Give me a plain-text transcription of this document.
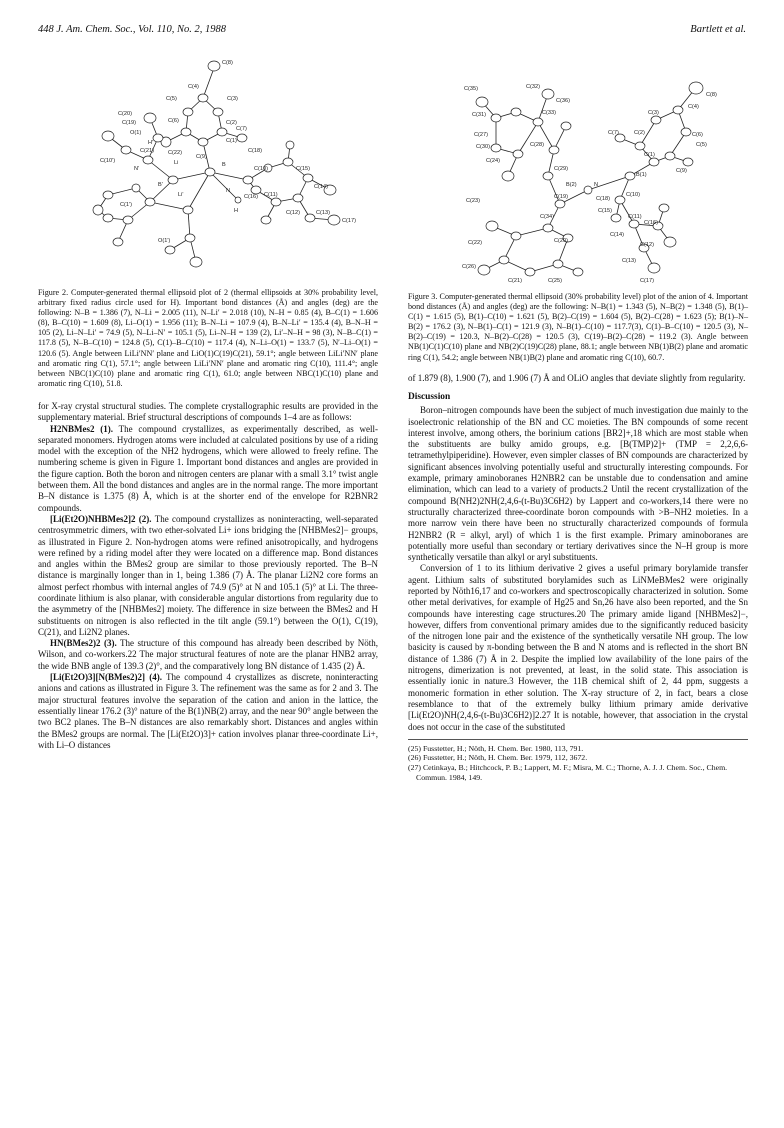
448 J. Am. Chem. Soc., Vol. 110, No. 2, 1988	Bartlett et al.
C(8)
C(4)
C(3)
C(5)
C(20)
C(19)
O(1)
C(6)	C(2)
C(7)
C(21)
H'
C(22)
C(1)
C(18)
C(10')
N'
Li
C(9)
B
C(10)	C(15)
B'
Li'
C(14)
C(1')
N
C(16) C(11)
C(12)	C(13)
C(17)
H
O(1')
Figure 2. Computer-generated thermal ellipsoid plot of 2 (thermal ellipsoids at 30% probability level, arbitrary fixed radius circle used for H). Important bond distances (Å) and angles (deg) are the following: N–B = 1.386 (7), N–Li = 2.005 (11), N–Li′ = 2.018 (10), N–H = 0.85 (4), B–C(1) = 1.606 (8), B–C(10) = 1.609 (8), Li–O(1) = 1.956 (11); B–N–Li = 107.9 (4), B–N–Li′ = 135.4 (4), B–N–H = 105 (2), Li–N–Li′ = 74.9 (5), N–Li–N′ = 105.1 (5), Li–N–H = 139 (2), Li′–N–H = 98 (3), N–B–C(1) = 117.8 (5), N–B–C(10) = 124.8 (5), C(1)–B–C(10) = 117.4 (4), N–Li–O(1) = 133.7 (5), N′–Li–O(1) = 120.6 (5). Angle between LiLi′NN′ plane and LiO(1)C(19)C(21), 59.1°; angle between LiLi′NN′ plane and aromatic ring C(1), 57.1°; angle between LiLi′NN′ plane and aromatic ring C(10), 111.4°; angle between NBC(1)C(10) plane and aromatic ring C(1), 61.0; angle between NBC(1)C(10) plane and aromatic ring C(10), 51.8.

for X-ray crystal structural studies. The complete crystallographic results are provided in the supplementary material. Brief structural descriptions of compounds 1–4 are as follows:

H2NBMes2 (1). The compound crystallizes, as experimentally described, as well-separated monomers. Hydrogen atoms were included at calculated positions by use of a riding model with the exception of the NH2 hydrogens, which were allowed to freely refine. The numbering scheme is given in Figure 1. Important bond distances and angles are provided in the figure caption. Both the boron and nitrogen centers are planar with a small 3.1° twist angle between them. All the bond distances and angles are in the normal range. The more important B–N distance is 1.375 (8) Å, which is at the shorter end of the envelope for R2BNR2 compounds.

[Li(Et2O)NHBMes2]2 (2). The compound crystallizes as noninteracting, well-separated centrosymmetric dimers, with two ether-solvated Li+ ions bridging the [NHBMes2]− groups, as illustrated in Figure 2. Non-hydrogen atoms were refined anisotropically, and hydrogens were refined by a riding model after they were located on a difference map. Bond distances and angles within the BMes2 group are similar to those previously reported. The B–N distance is marginally longer than in 1, being 1.386 (7) Å. The planar Li2N2 core forms an almost perfect rhombus with internal angles of 74.9 (5)° at N and 105.1 (5)° at Li. The three-coordinate lithium is also planar, with considerable angular distortions from regularity due to the asymmetry of the [NHBMes2] moiety. The difference in size between the BMes2 and H substituents on nitrogen is also reflected in the tilt angle (59.1°) between the O(1), C(19), C(21), and Li2N2 planes.

HN(BMes2)2 (3). The structure of this compound has already been described by Nöth, Wilson, and co-workers.22 The major structural features of note are the planar HNB2 array, the wide BNB angle of 139.3 (2)°, and the comparatively long BN distance of 1.435 (2) Å.

[Li(Et2O)3][N(BMes2)2] (4). The compound 4 crystallizes as discrete, noninteracting anions and cations as illustrated in Figure 3. The refinement was the same as for 2 and 3. The major structural features involve the separation of the cation and anion in the lattice, the essentially linear 176.2 (3)° nature of the B(1)NB(2) array, and the near 90° angle between the two BC2 planes. The B–N distances are also remarkably short. Distances and angles within the BMes2 groups are normal. The [Li(Et2O)3]+ cation involves planar three-coordinate Li+, with Li–O distances

C(8)
C(4)
C(35)	C(32)
C(3)
C(36)
C(6)
C(5)
C(31)	C(33)
C(2)
C(27)	C(7)
C(1)
C(9)
C(28)
C(30)
B(1)
C(29)
C(24)
B(2)	N
C(18)
C(10)
C(19)
C(15)
C(23)
C(34)	C(11)
C(16)
C(20)
C(14)
C(22)	C(12)
C(26)
C(25)
C(13)
C(21)	C(17)
Figure 3. Computer-generated thermal ellipsoid (30% probability level) plot of the anion of 4. Important bond distances (Å) and angles (deg) are the following: N–B(1) = 1.343 (5), N–B(2) = 1.348 (5), B(1)–C(1) = 1.615 (5), B(1)–C(10) = 1.621 (5), B(2)–C(19) = 1.604 (5), B(2)–C(28) = 1.623 (5); B(1)–N–B(2) = 176.2 (3), N–B(1)–C(1) = 121.9 (3), N–B(1)–C(10) = 117.7(3), C(1)–B–C(10) = 120.5 (3), N–B(2)–C(19) = 120.3, N–B(2)–C(28) = 120.5 (3), C(19)–B(2)–C(28) = 119.2 (3). Angle between NB(1)C(1)C(10) plane and NB(2)C(19)C(28) plane, 88.1; angle between NB(1)B(2) plane and aromatic ring C(1), 54.2; angle between NB(1)B(2) plane and aromatic ring C(10), 60.7.

of 1.879 (8), 1.900 (7), and 1.906 (7) Å and OLiO angles that deviate slightly from regularity.

Discussion

Boron–nitrogen compounds have been the subject of much investigation due mainly to the isoelectronic relationship of the BN and CC moieties. The BN compounds of some recent interest involve, among others, the borinium cations [BR2]+,18 which are most stable when the substituents are bulky amido groups, e.g. [B(TMP)2]+ (TMP = 2,2,6,6-tetramethylpiperidine). However, even simpler classes of BN compounds are characterized by significant absences involving potentially useful and structurally interesting compounds. For example, primary aminoboranes H2NBR2 can be unstable due to condensation and amine elimination, which can lead to a variety of products.2 Until the recent crystallization of the compound B(NH2)2NH(2,4,6-(t-Bu)3C6H2) by Lappert and co-workers,14 there were no structurally characterized three-coordinate boron compounds with >B–NH2 moieties. In a more narrow vein there have been no structurally characterized compounds of formula H2NBR2 (R = alkyl, aryl) of which 1 is the first example. Primary aminoboranes are potentially more useful than secondary or tertiary derivatives since the N–H group is more synthetically versatile than alkyl or aryl substituents.

Conversion of 1 to its lithium derivative 2 gives a useful primary borylamide transfer agent. Lithium salts of substituted borylamides such as LiNMeBMes2 were originally reported by Nöth16,17 and co-workers and spectroscopically characterized in solution. Some other metal derivatives, for example of Hg25 and Sn,26 have also been reported, and the Sn compounds have interesting cage structures.20 The primary amide ligand [NHBMes2]−, however, differs from conventional primary amides due to the significantly reduced basicity of the nitrogen lone pair and the existence of the synthetically versatile NH group. The low basicity is caused by π-bonding between the B and N atoms and is reflected in the short BN distance of 1.386 (7) Å in 2. Despite the implied low availability of the lone pairs of the nitrogens, dimerization is not prevented, at least, in the solid state. This association is essentially ionic in nature.3 However, the 11B chemical shift of 2, 44 ppm, suggests a monomeric formation in ether solution. The X-ray structure of 2, in fact, bears a close resemblance to that of the extremely bulky lithium primary amide derivative [Li(Et2O)NH(2,4,6-(t-Bu)3C6H2)]2.27 It is notable, however, that association in the crystal does not occur in the case of the substituted

(25) Fusstetter, H.; Nöth, H. Chem. Ber. 1980, 113, 791.
(26) Fusstetter, H.; Nöth, H. Chem. Ber. 1979, 112, 3672.
(27) Cetinkaya, B.; Hitchcock, P. B.; Lappert, M. F.; Misra, M. C.; Thorne, A. J. J. Chem. Soc., Chem. Commun. 1984, 149.
